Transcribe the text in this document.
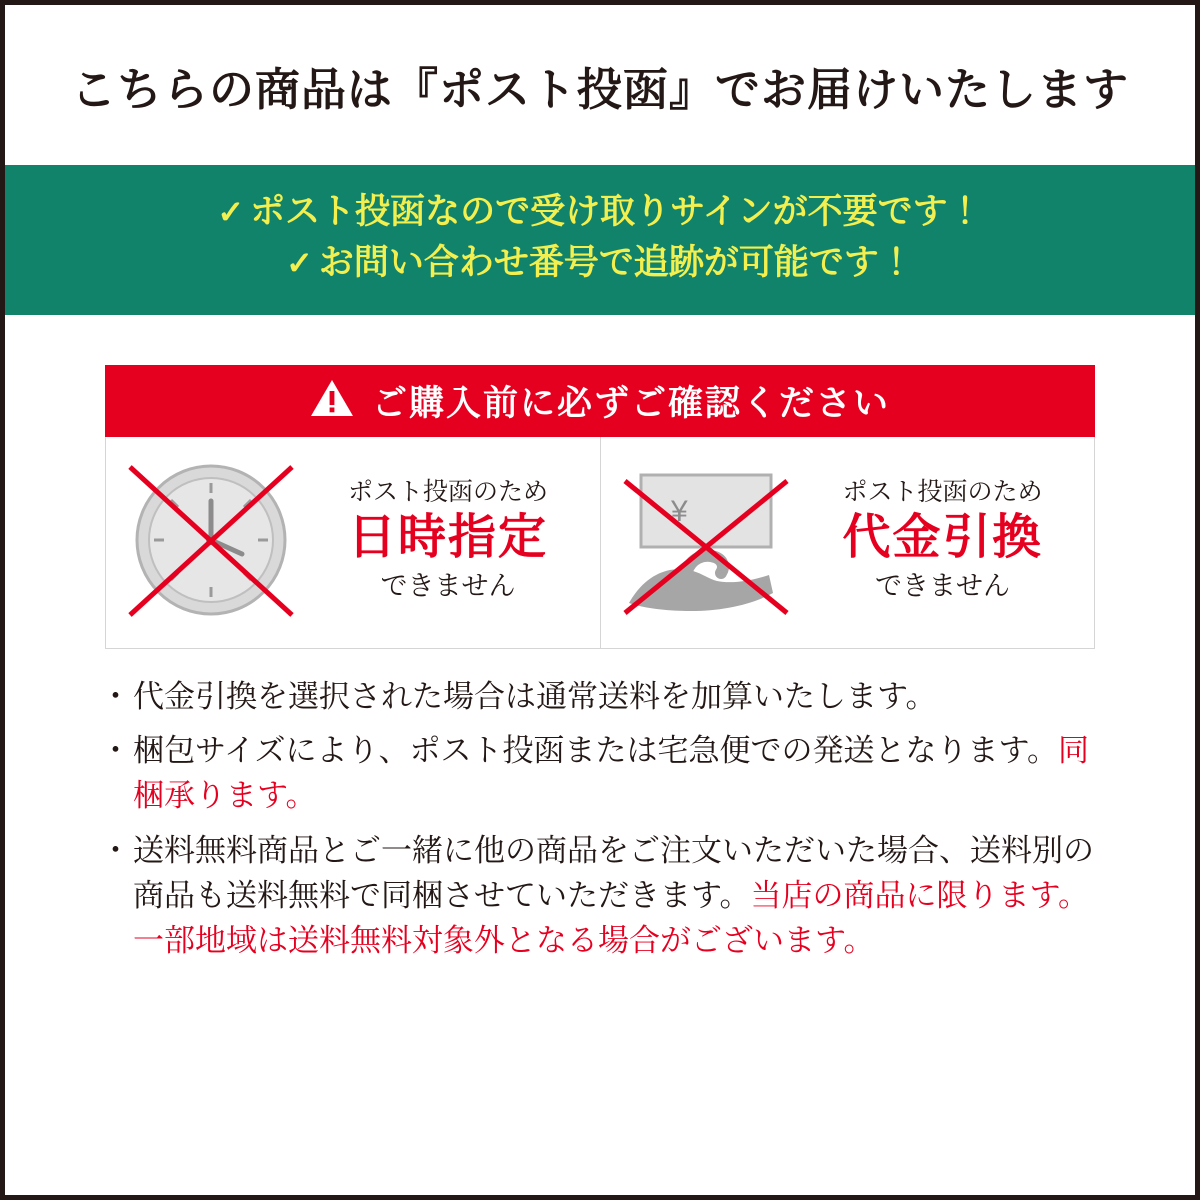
こちらの商品は『ポスト投函』でお届けいたします
✓ ポスト投函なので受け取りサインが不要です！
✓ お問い合わせ番号で追跡が可能です！
ご購入前に必ずご確認ください
ポスト投函のため
日時指定
できません
¥
ポスト投函のため
代金引換
できません
・ 代金引換を選択された場合は通常送料を加算いたします。
・ 梱包サイズにより、ポスト投函または宅急便での発送となります。同梱承ります。
・ 送料無料商品とご一緒に他の商品をご注文いただいた場合、送料別の商品も送料無料で同梱させていただきます。当店の商品に限ります。一部地域は送料無料対象外となる場合がございます。
